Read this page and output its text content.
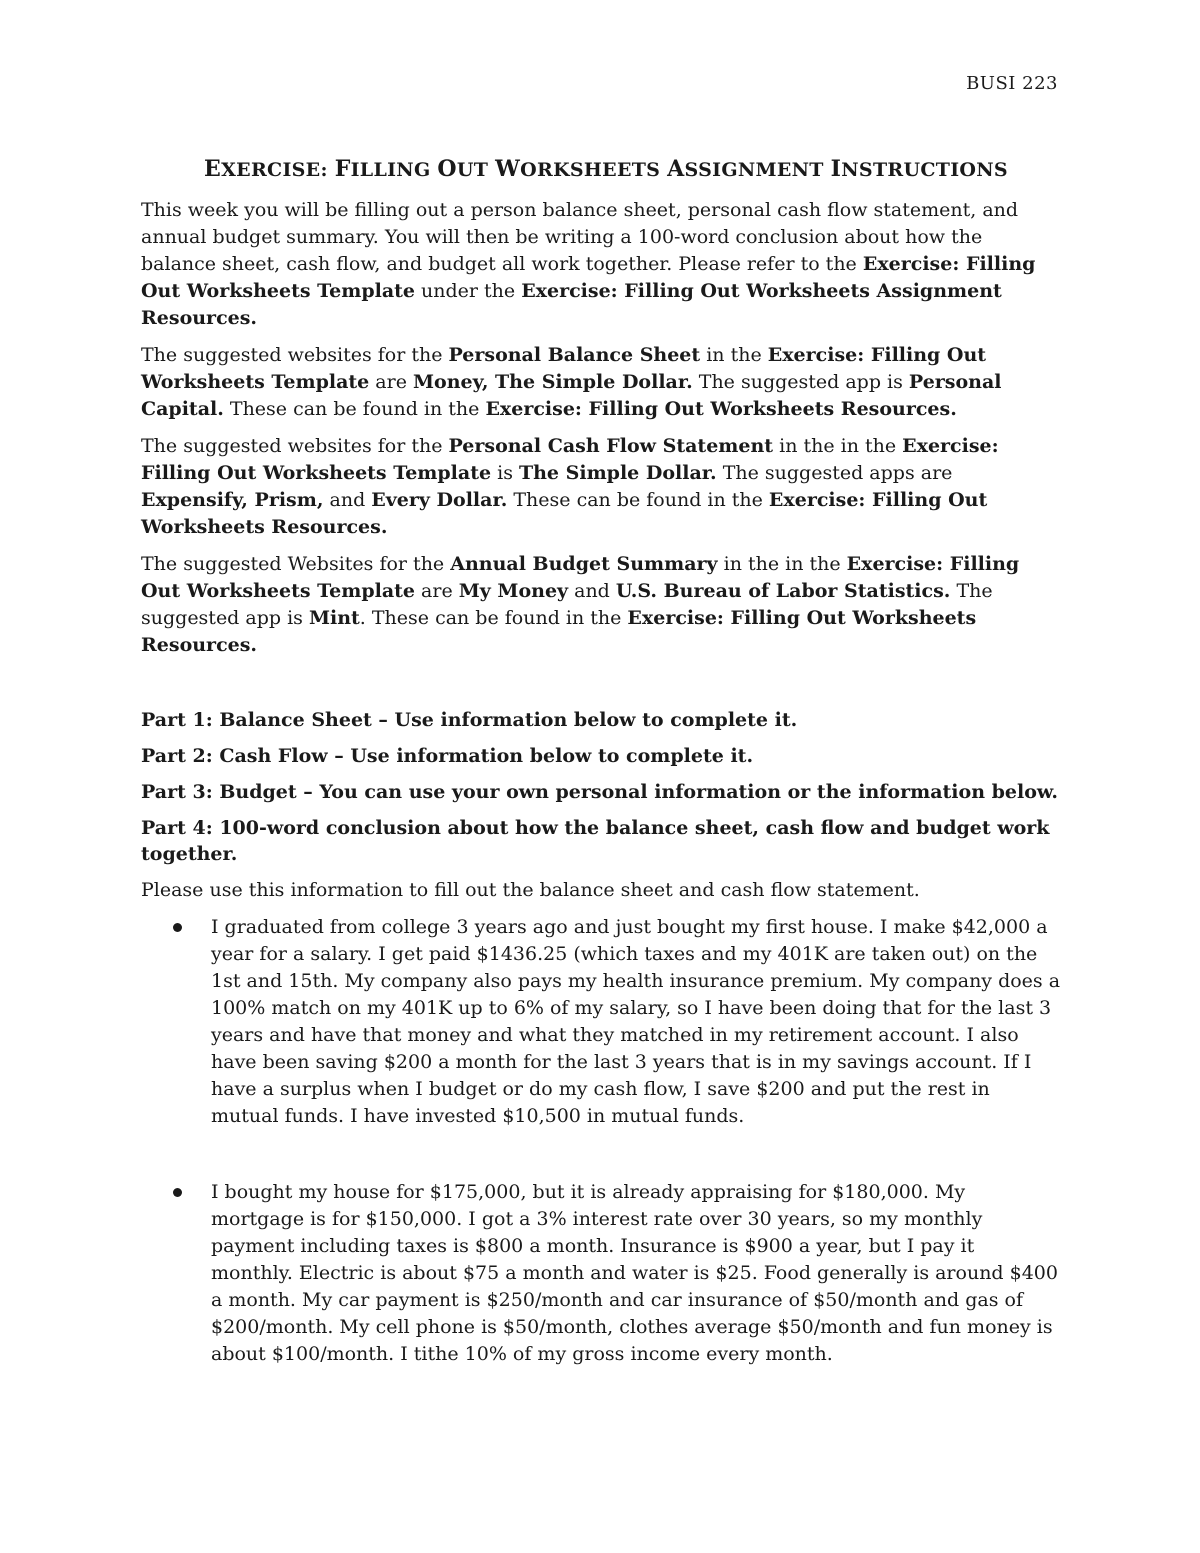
BUSI 223
EXERCISE: FILLING OUT WORKSHEETS ASSIGNMENT INSTRUCTIONS

This week you will be filling out a person balance sheet, personal cash flow statement, and annual budget summary. You will then be writing a 100-word conclusion about how the balance sheet, cash flow, and budget all work together. Please refer to the Exercise: Filling Out Worksheets Template under the Exercise: Filling Out Worksheets Assignment Resources.

The suggested websites for the Personal Balance Sheet in the Exercise: Filling Out Worksheets Template are Money, The Simple Dollar. The suggested app is Personal Capital. These can be found in the Exercise: Filling Out Worksheets Resources.

The suggested websites for the Personal Cash Flow Statement in the in the Exercise: Filling Out Worksheets Template is The Simple Dollar. The suggested apps are Expensify, Prism, and Every Dollar. These can be found in the Exercise: Filling Out Worksheets Resources.

The suggested Websites for the Annual Budget Summary in the in the Exercise: Filling Out Worksheets Template are My Money and U.S. Bureau of Labor Statistics. The suggested app is Mint. These can be found in the Exercise: Filling Out Worksheets Resources.

Part 1: Balance Sheet – Use information below to complete it.

Part 2: Cash Flow – Use information below to complete it.

Part 3: Budget – You can use your own personal information or the information below.

Part 4: 100-word conclusion about how the balance sheet, cash flow and budget work together.

Please use this information to fill out the balance sheet and cash flow statement.

I graduated from college 3 years ago and just bought my first house. I make $42,000 a year for a salary. I get paid $1436.25 (which taxes and my 401K are taken out) on the 1st and 15th. My company also pays my health insurance premium. My company does a 100% match on my 401K up to 6% of my salary, so I have been doing that for the last 3 years and have that money and what they matched in my retirement account. I also have been saving $200 a month for the last 3 years that is in my savings account. If I have a surplus when I budget or do my cash flow, I save $200 and put the rest in mutual funds. I have invested $10,500 in mutual funds.
I bought my house for $175,000, but it is already appraising for $180,000. My mortgage is for $150,000. I got a 3% interest rate over 30 years, so my monthly payment including taxes is $800 a month. Insurance is $900 a year, but I pay it monthly. Electric is about $75 a month and water is $25. Food generally is around $400 a month. My car payment is $250/month and car insurance of $50/month and gas of $200/month. My cell phone is $50/month, clothes average $50/month and fun money is about $100/month. I tithe 10% of my gross income every month.
